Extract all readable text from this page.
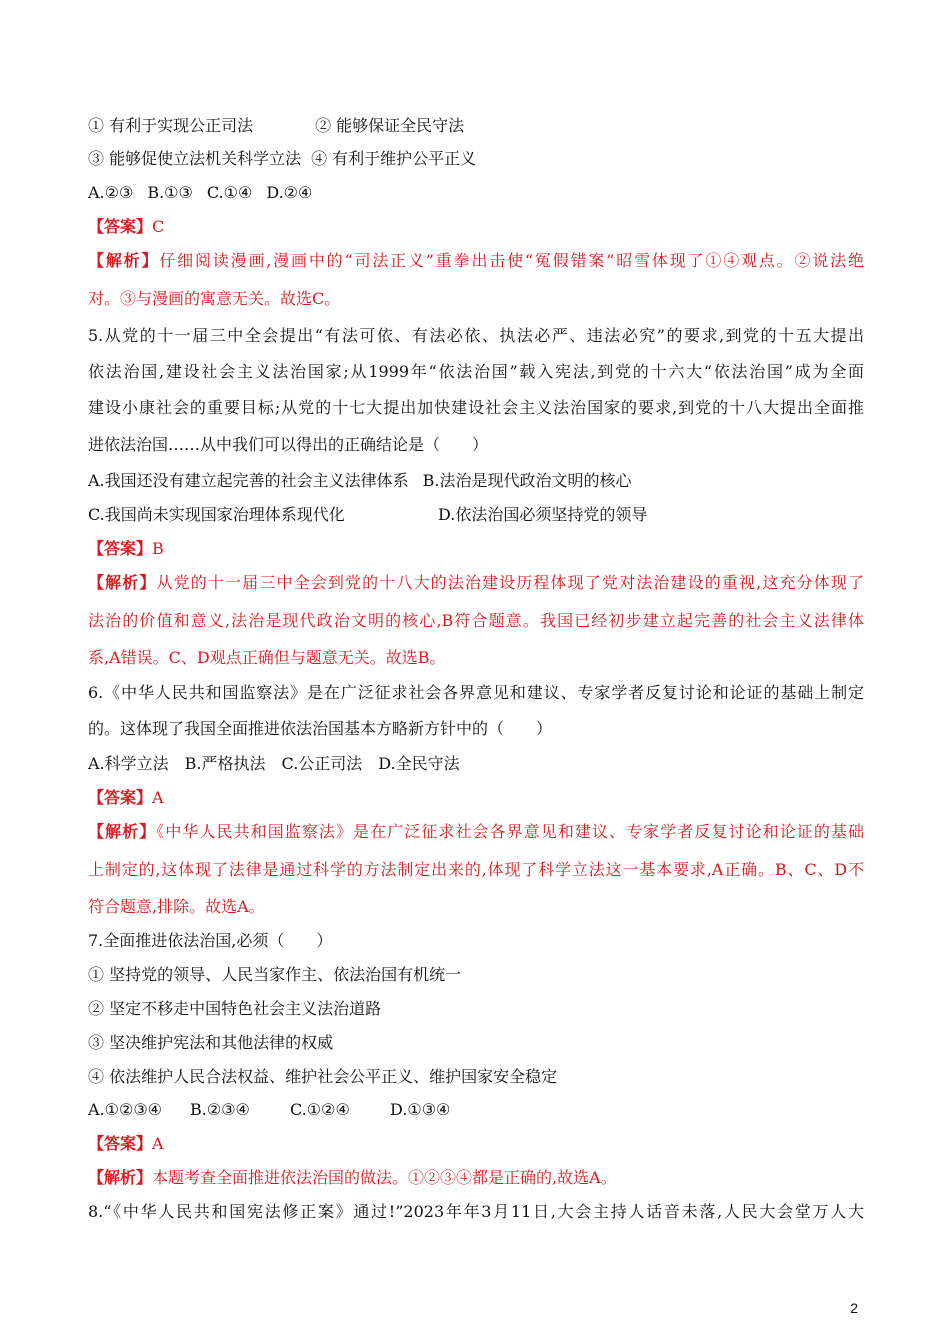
① 有利于实现公正司法	② 能够保证全民守法
③ 能够促使立法机关科学立法 ④ 有利于维护公平正义
A.②③ B.①③ C.①④ D.②④
【答案】C
【解析】仔细阅读漫画,漫画中的“司法正义”重拳出击使“冤假错案”昭雪体现了①④观点。②说法绝
对。③与漫画的寓意无关。故选C。
5.从党的十一届三中全会提出“有法可依、有法必依、执法必严、违法必究”的要求,到党的十五大提出
依法治国,建设社会主义法治国家;从1999年“依法治国”载入宪法,到党的十六大“依法治国”成为全面
建设小康社会的重要目标;从党的十七大提出加快建设社会主义法治国家的要求,到党的十八大提出全面推
进依法治国……从中我们可以得出的正确结论是（　　）
A.我国还没有建立起完善的社会主义法律体系 B.法治是现代政治文明的核心
C.我国尚未实现国家治理体系现代化	D.依法治国必须坚持党的领导
【答案】B
【解析】从党的十一届三中全会到党的十八大的法治建设历程体现了党对法治建设的重视,这充分体现了
法治的价值和意义,法治是现代政治文明的核心,B符合题意。我国已经初步建立起完善的社会主义法律体
系,A错误。C、D观点正确但与题意无关。故选B。
6.《中华人民共和国监察法》是在广泛征求社会各界意见和建议、专家学者反复讨论和论证的基础上制定
的。这体现了我国全面推进依法治国基本方略新方针中的（　　）
A.科学立法 B.严格执法 C.公正司法 D.全民守法
【答案】A
【解析】《中华人民共和国监察法》是在广泛征求社会各界意见和建议、专家学者反复讨论和论证的基础
上制定的,这体现了法律是通过科学的方法制定出来的,体现了科学立法这一基本要求,A正确。B、C、D不
符合题意,排除。故选A。
7.全面推进依法治国,必须（　　）
① 坚持党的领导、人民当家作主、依法治国有机统一
② 坚定不移走中国特色社会主义法治道路
③ 坚决维护宪法和其他法律的权威
④ 依法维护人民合法权益、维护社会公平正义、维护国家安全稳定
A.①②③④ B.②③④	C.①②④	D.①③④
【答案】A
【解析】本题考查全面推进依法治国的做法。①②③④都是正确的,故选A。
8.“《中华人民共和国宪法修正案》通过!”2023年年3月11日,大会主持人话音未落,人民大会堂万人大
2
